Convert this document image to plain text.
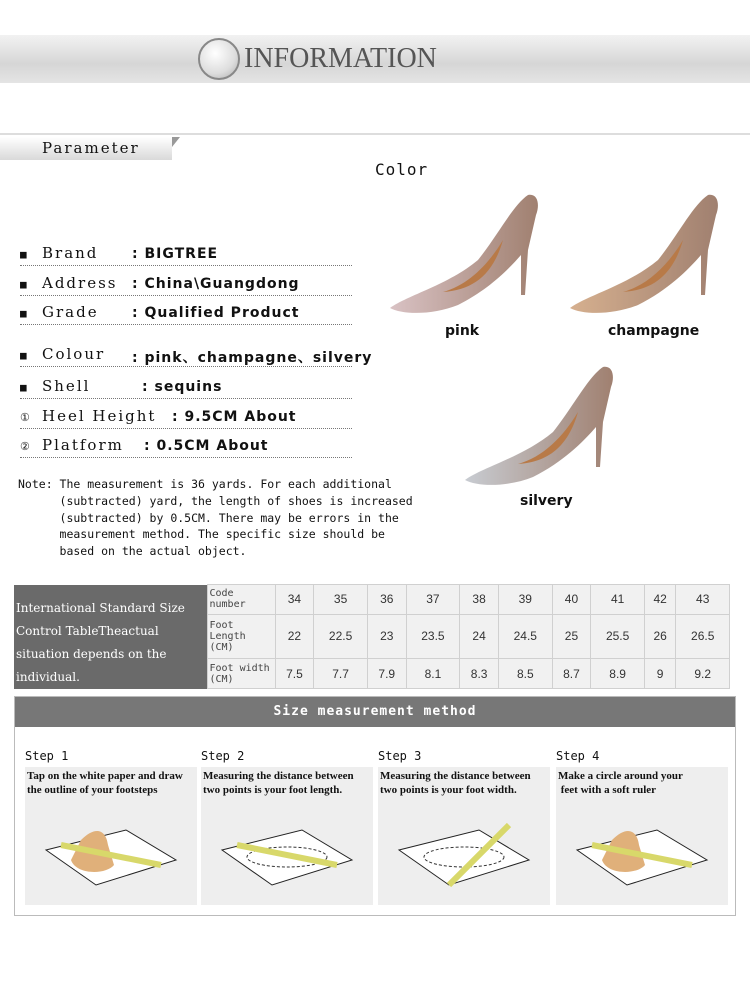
INFORMATION
Parameter
Color
■ Brand : BIGTREE
■ Address : China\Guangdong
■ Grade : Qualified Product
■ Colour : pink、champagne、silvery
■ Shell	: sequins
① Heel Height : 9.5CM About
② Platform : 0.5CM About
Note: The measurement is 36 yards. For each additional
(subtracted) yard, the length of shoes is increased
(subtracted) by 0.5CM. There may be errors in the
measurement method. The specific size should be
based on the actual object.
pink	champagne
silvery
International Standard Size Control TableTheactual situation depends on the individual.	Code number	34	35	36	37	38	39	40	41	42	43
	Foot Length (CM)	22	22.5	23	23.5	24	24.5	25	25.5	26	26.5
	Foot width (CM)	7.5	7.7	7.9	8.1	8.3	8.5	8.7	8.9	9	9.2
Size measurement method
Step 1
Tap on the white paper and draw
the outline of your footsteps
Step 2
Measuring the distance between
two points is your foot length.
Step 3
Measuring the distance between
two points is your foot width.
Step 4
Make a circle around your
feet with a soft ruler
